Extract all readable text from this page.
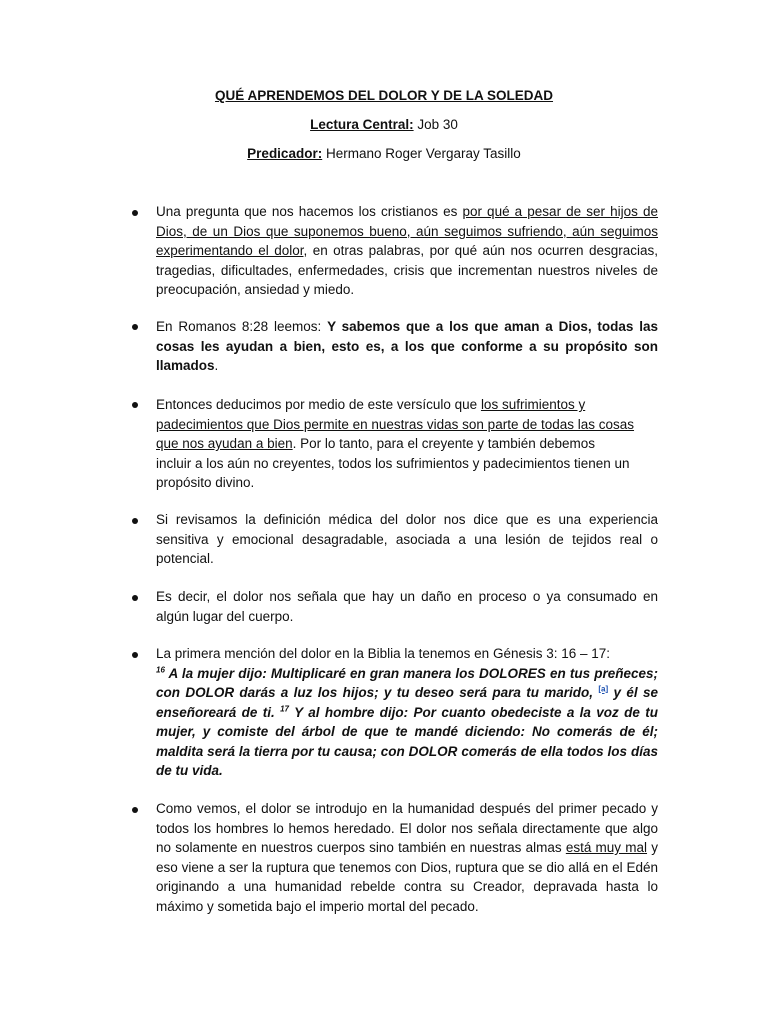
QUÉ APRENDEMOS DEL DOLOR Y DE LA SOLEDAD
Lectura Central: Job 30
Predicador: Hermano Roger Vergaray Tasillo

Una pregunta que nos hacemos los cristianos es por qué a pesar de ser hijos de Dios, de un Dios que suponemos bueno, aún seguimos sufriendo, aún seguimos experimentando el dolor, en otras palabras, por qué aún nos ocurren desgracias, tragedias, dificultades, enfermedades, crisis que incrementan nuestros niveles de preocupación, ansiedad y miedo.

En Romanos 8:28 leemos: Y sabemos que a los que aman a Dios, todas las cosas les ayudan a bien, esto es, a los que conforme a su propósito son llamados.

Entonces deducimos por medio de este versículo que los sufrimientos y
padecimientos que Dios permite en nuestras vidas son parte de todas las cosas
que nos ayudan a bien. Por lo tanto, para el creyente y también debemos
incluir a los aún no creyentes, todos los sufrimientos y padecimientos tienen un
propósito divino.

Si revisamos la definición médica del dolor nos dice que es una experiencia sensitiva y emocional desagradable, asociada a una lesión de tejidos real o potencial.

Es decir, el dolor nos señala que hay un daño en proceso o ya consumado en algún lugar del cuerpo.

La primera mención del dolor en la Biblia la tenemos en Génesis 3: 16 – 17:

$^{16}$ A la mujer dijo: Multiplicaré en gran manera los DOLORES en tus preñeces; con DOLOR darás a luz los hijos; y tu deseo será para tu marido, [a] y él se enseñoreará de ti. $^{17}$ Y al hombre dijo: Por cuanto obedeciste a la voz de tu mujer, y comiste del árbol de que te mandé diciendo: No comerás de él; maldita será la tierra por tu causa; con DOLOR comerás de ella todos los días de tu vida.

Como vemos, el dolor se introdujo en la humanidad después del primer pecado y todos los hombres lo hemos heredado. El dolor nos señala directamente que algo no solamente en nuestros cuerpos sino también en nuestras almas está muy mal y eso viene a ser la ruptura que tenemos con Dios, ruptura que se dio allá en el Edén originando a una humanidad rebelde contra su Creador, depravada hasta lo máximo y sometida bajo el imperio mortal del pecado.
